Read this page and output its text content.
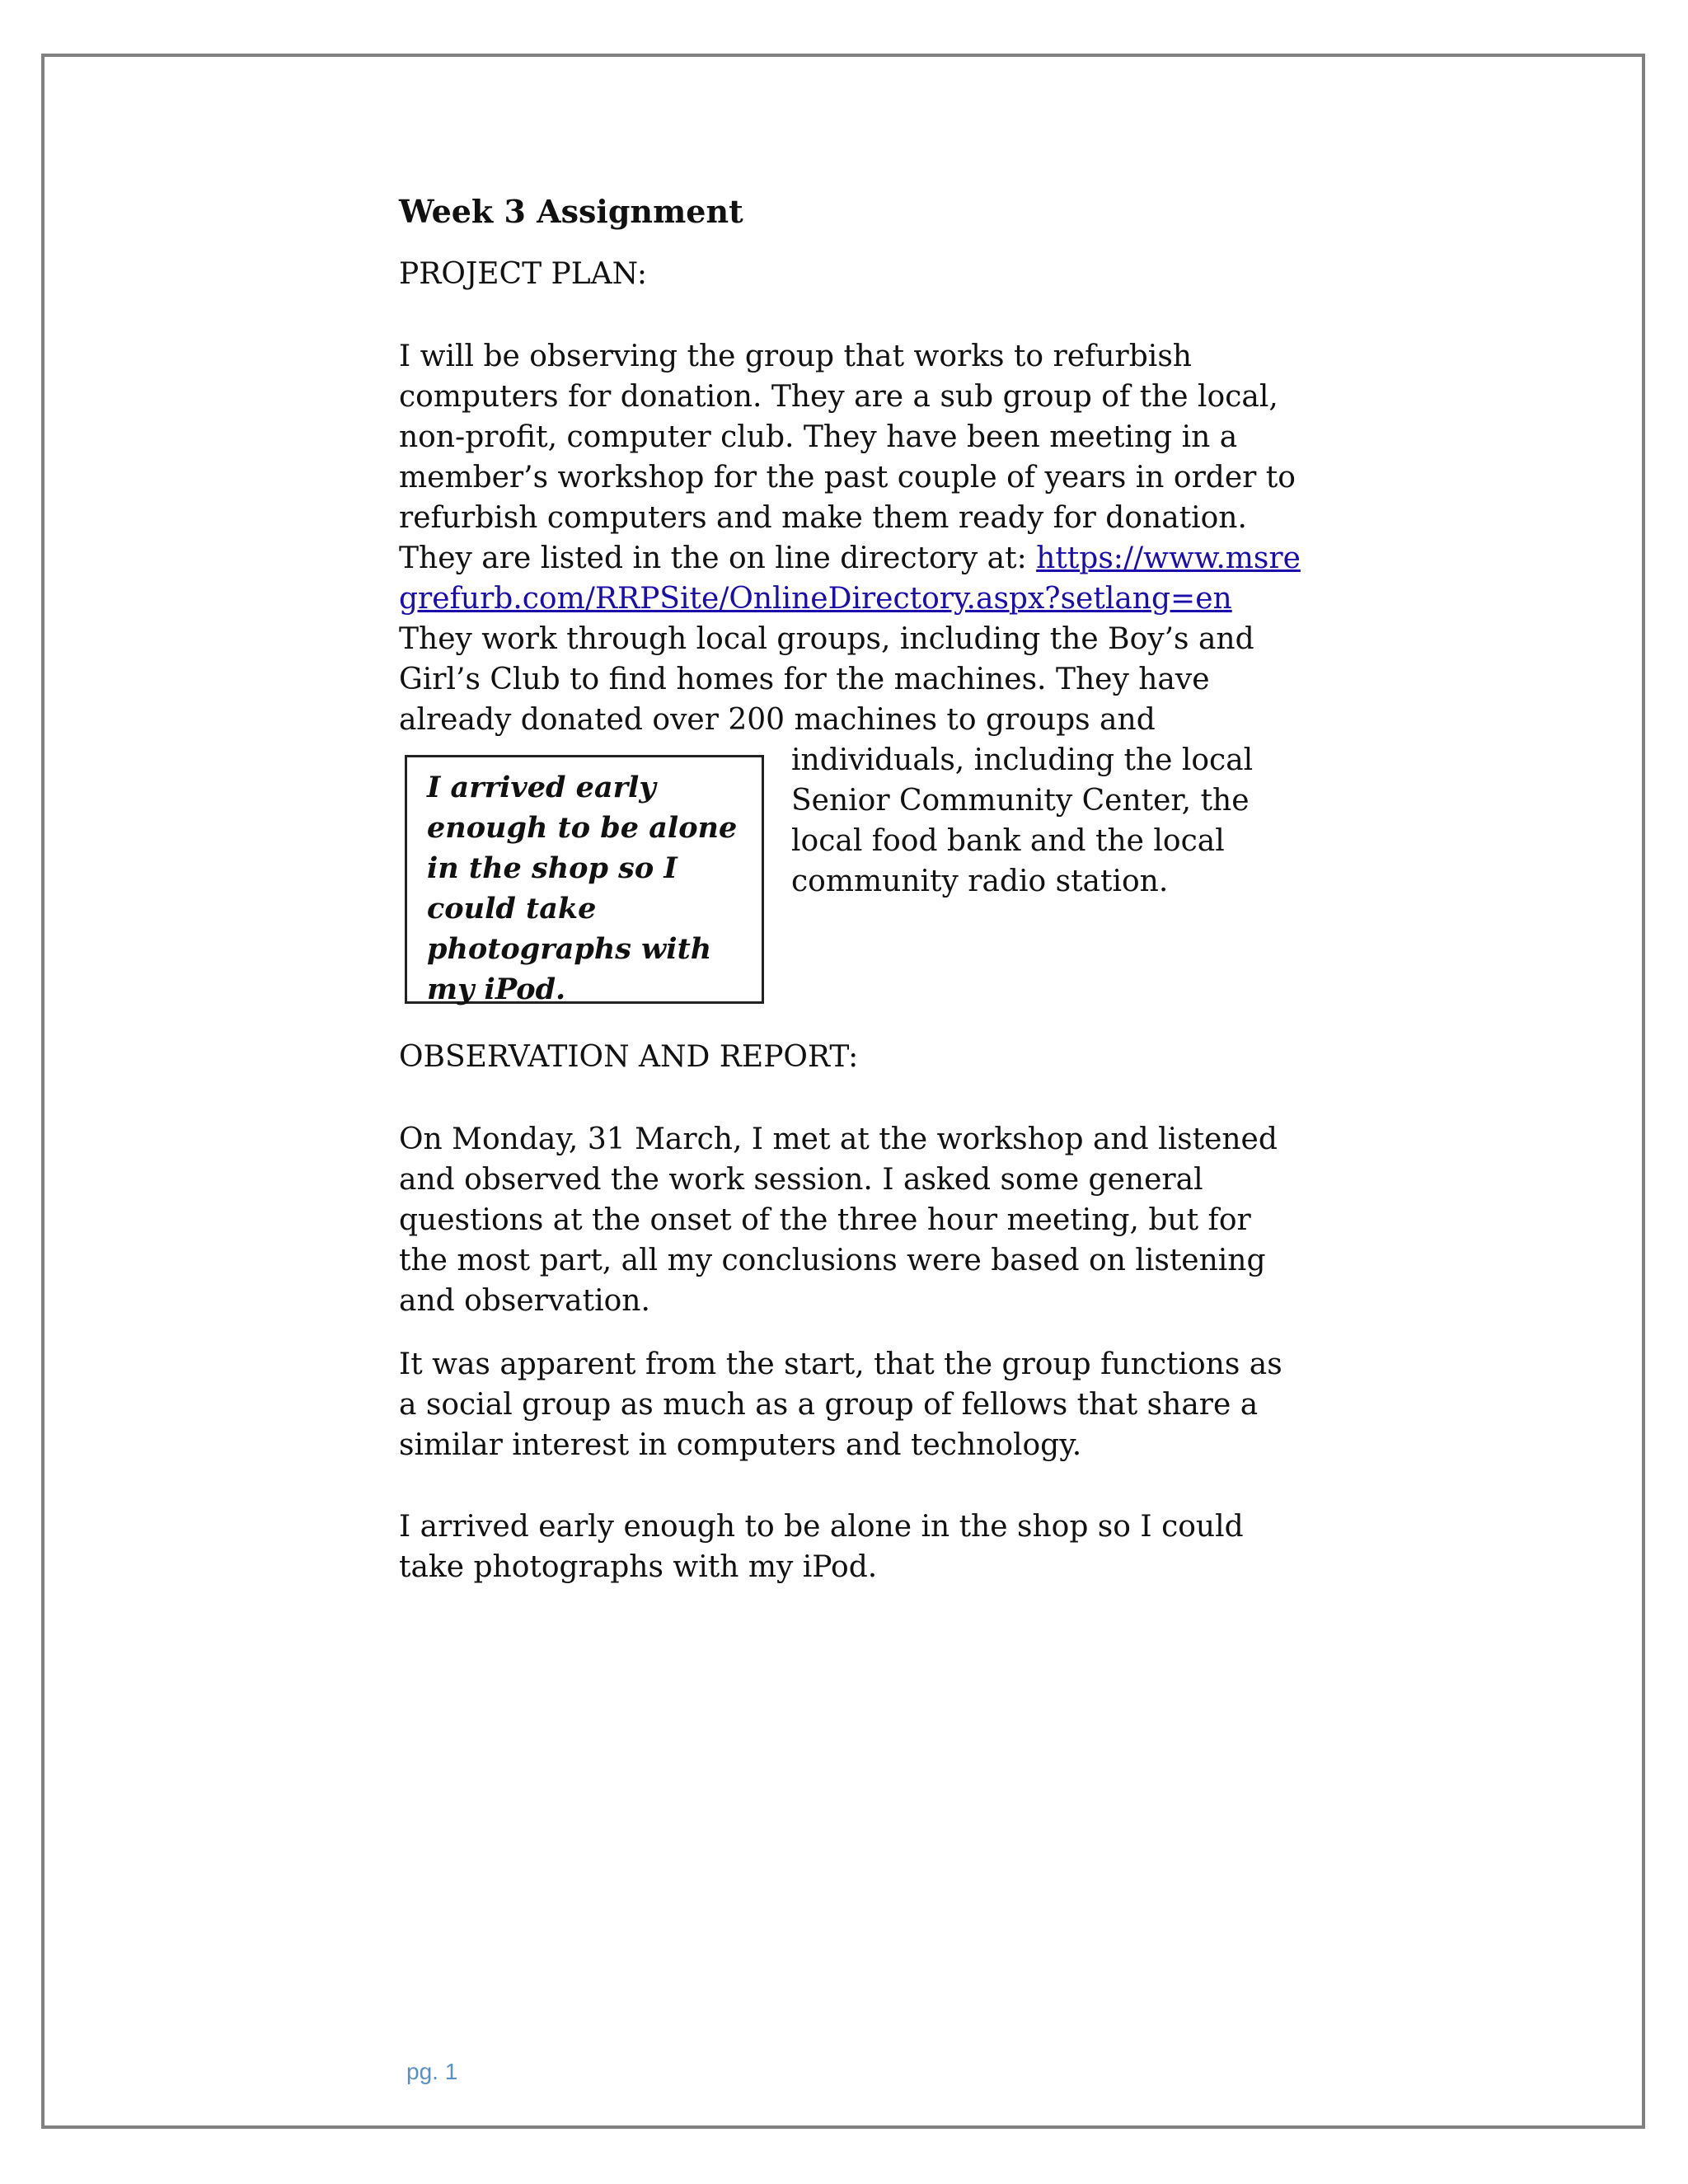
Week 3 Assignment
PROJECT PLAN:

I will be observing the group that works to refurbish computers for donation. They are a sub group of the local, non-profit, computer club. They have been meeting in a member’s workshop for the past couple of years in order to refurbish computers and make them ready for donation. They are listed in the on line directory at: https://www.msregrefurb.com/RRPSite/OnlineDirectory.aspx?setlang=en   They work through local groups, including the Boy’s and Girl’s Club to find homes for the machines. They have already donated over 200 machines to groups and

I arrived early enough to be alone in the shop so I could take photographs with my iPod.
individuals, including the local Senior Community Center, the local food bank and the local community radio station.
OBSERVATION AND REPORT:

On Monday, 31 March, I met at the workshop and listened and observed the work session. I asked some general questions at the onset of the three hour meeting, but for the most part, all my conclusions were based on listening and observation.

It was apparent from the start, that the group functions as a social group as much as a group of fellows that share a similar interest in computers and technology.

I arrived early enough to be alone in the shop so I could take photographs with my iPod.

pg. 1
